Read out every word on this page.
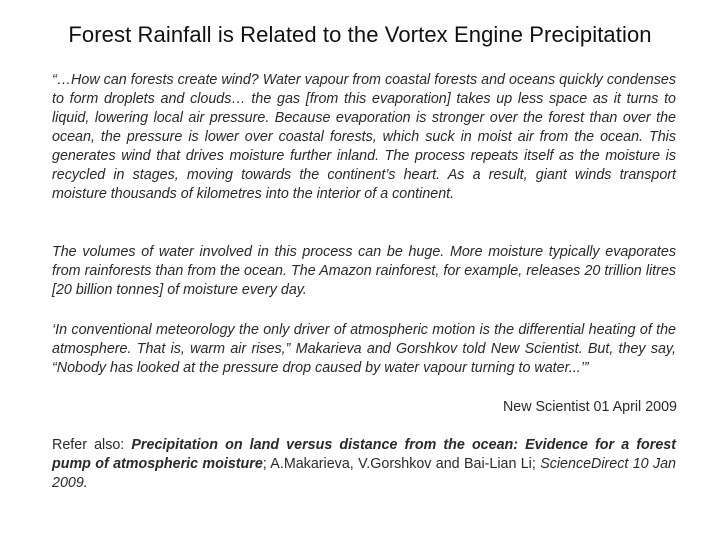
Forest Rainfall is Related to the Vortex Engine Precipitation

“…How can forests create wind? Water vapour from coastal forests and oceans quickly condenses to form droplets and clouds… the gas [from this evaporation] takes up less space as it turns to liquid, lowering local air pressure. Because evaporation is stronger over the forest than over the ocean, the pressure is lower over coastal forests, which suck in moist air from the ocean. This generates wind that drives moisture further inland. The process repeats itself as the moisture is recycled in stages, moving towards the continent’s heart. As a result, giant winds transport moisture thousands of kilometres into the interior of a continent.

The volumes of water involved in this process can be huge. More moisture typically evaporates from rainforests than from the ocean. The Amazon rainforest, for example, releases 20 trillion litres [20 billion tonnes] of moisture every day.

‘In conventional meteorology the only driver of atmospheric motion is the differential heating of the atmosphere. That is, warm air rises,” Makarieva and Gorshkov told New Scientist. But, they say, “Nobody has looked at the pressure drop caused by water vapour turning to water...’”

New Scientist 01 April 2009

Refer also: Precipitation on land versus distance from the ocean: Evidence for a forest pump of atmospheric moisture; A.Makarieva, V.Gorshkov and Bai-Lian Li; ScienceDirect 10 Jan 2009.
